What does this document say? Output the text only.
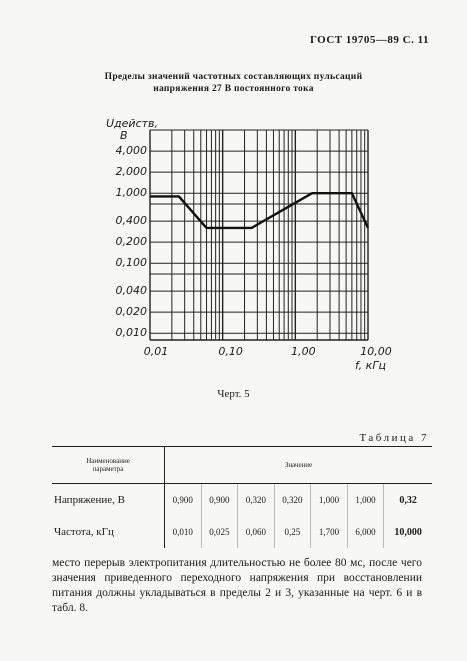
ГОСТ 19705—89 С. 11
Пределы значений частотных составляющих пульсаций
напряжения 27 В постоянного тока
Uдейств,
В
f, кГц
4,000
2,000
1,000
0,400
0,200
0,100
0,040
0,020
0,010
0,01	0,10	1,00	10,00
Черт. 5
Таблица 7
Наименование
параметра	Значение						
Напряжение, В	0,900	0,900	0,320	0,320	1,000	1,000	0,32
Частота, кГц	0,010	0,025	0,060	0,25	1,700	6,000	10,000
место перерыв электропитания длительностью не более 80 мс, после чего значения приведенного переходного напряжения при восстановлении питания должны укладываться в пределы 2 и 3, указанные на черт. 6 и в табл. 8.
